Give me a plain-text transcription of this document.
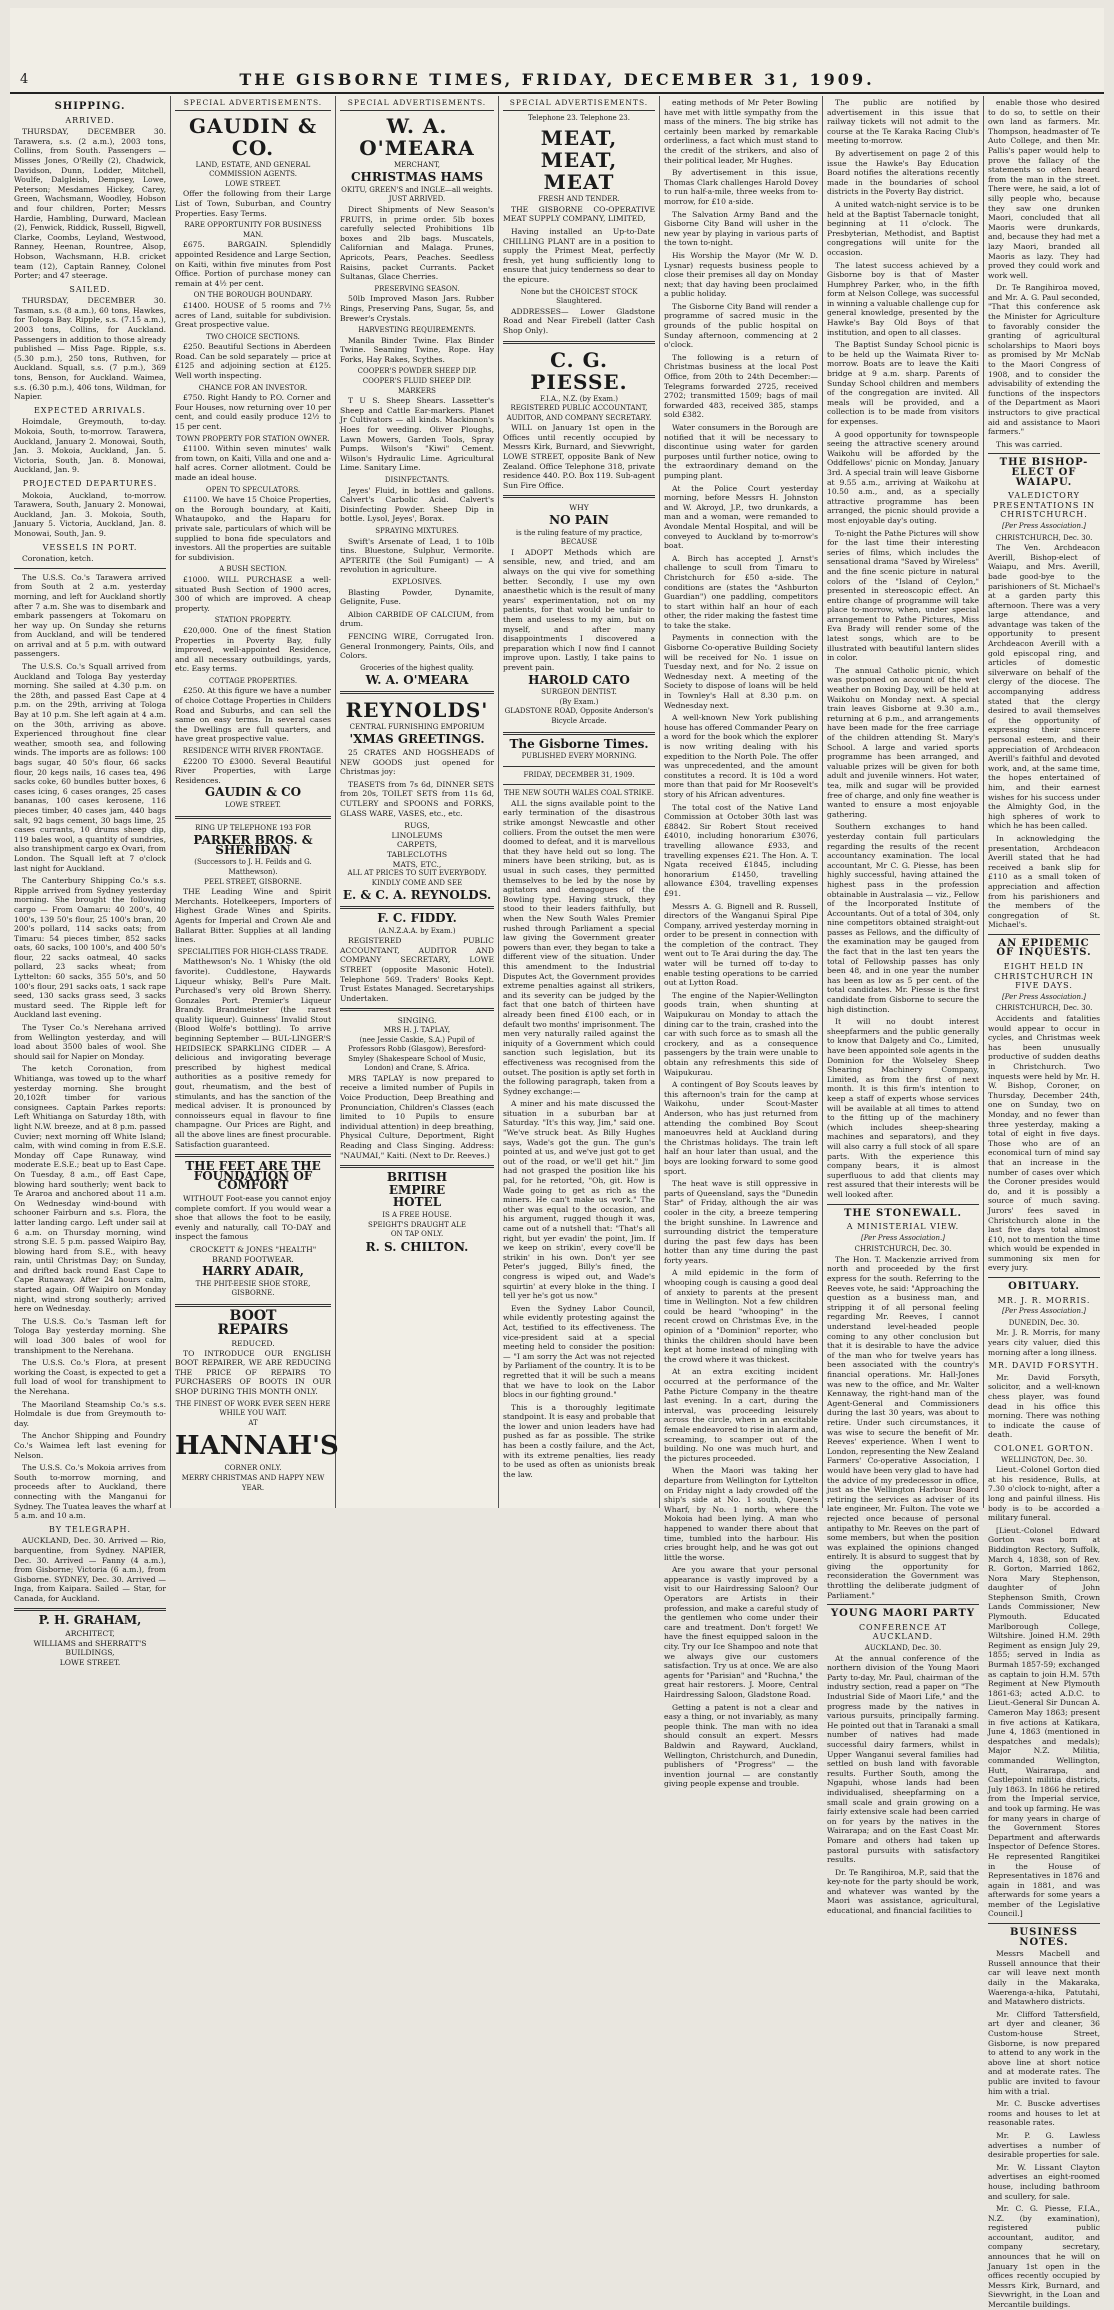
4	THE GISBORNE TIMES, FRIDAY, DECEMBER 31, 1909.
SHIPPING.
ARRIVED.

THURSDAY, DECEMBER 30. Tarawera, s.s. (2 a.m.), 2003 tons, Collins, from South. Passengers — Misses Jones, O'Reilly (2), Chadwick, Davidson, Dunn, Lodder, Mitchell, Woulfe, Dalgleish, Dempsey, Lowe, Peterson; Mesdames Hickey, Carey, Green, Wachsmann, Woodley, Hobson and four children, Porter; Messrs Hardie, Hambling, Durward, Maclean (2), Fenwick, Riddick, Russell, Bigwell, Clarke, Coombs, Leyland, Westwood, Ranney, Heenan, Rountree, Alsop, Hobson, Wachsmann, H.B. cricket team (12), Captain Ranney, Colonel Porter; and 47 steerage.

SAILED.

THURSDAY, DECEMBER 30. Tasman, s.s. (8 a.m.), 60 tons, Hawkes, for Tologa Bay. Ripple, s.s. (7.15 a.m.), 2003 tons, Collins, for Auckland. Passengers in addition to those already published — Miss Page. Ripple, s.s. (5.30 p.m.), 250 tons, Ruthven, for Auckland. Squall, s.s. (7 p.m.), 369 tons, Benson, for Auckland. Waimea, s.s. (6.30 p.m.), 406 tons, Wildman, for Napier.

EXPECTED ARRIVALS.

Hoimdale, Greymouth, to-day. Mokoia, South, to-morrow. Tarawera, Auckland, January 2. Monowai, South, Jan. 3. Mokoia, Auckland, Jan. 5. Victoria, South, Jan. 8. Monowai, Auckland, Jan. 9.

PROJECTED DEPARTURES.

Mokoia, Auckland, to-morrow. Tarawera, South, January 2. Monowai, Auckland, Jan. 3. Mokoia, South, January 5. Victoria, Auckland, Jan. 8. Monowai, South, Jan. 9.

VESSELS IN PORT.

Coronation, ketch.

The U.S.S. Co.'s Tarawera arrived from South at 2 a.m. yesterday morning, and left for Auckland shortly after 7 a.m. She was to disembark and embark passengers at Tokomaru on her way up. On Sunday she returns from Auckland, and will be tendered on arrival and at 5 p.m. with outward passengers.

The U.S.S. Co.'s Squall arrived from Auckland and Tologa Bay yesterday morning. She sailed at 4.30 p.m. on the 28th, and passed East Cape at 4 p.m. on the 29th, arriving at Tologa Bay at 10 p.m. She left again at 4 a.m. on the 30th, arriving as above. Experienced throughout fine clear weather, smooth sea, and following winds. The imports are as follows: 100 bags sugar, 40 50's flour, 66 sacks flour, 20 kegs nails, 16 cases tea, 496 sacks coke, 60 bundles butter boxes, 6 cases icing, 6 cases oranges, 25 cases bananas, 100 cases kerosene, 116 pieces timber, 40 cases jam, 440 bags salt, 92 bags cement, 30 bags lime, 25 cases currants, 10 drums sheep dip, 119 bales wool, a quantity of sundries, also transhipment cargo ex Ovari, from London. The Squall left at 7 o'clock last night for Auckland.

The Canterbury Shipping Co.'s s.s. Ripple arrived from Sydney yesterday morning. She brought the following cargo — From Oamaru: 40 200's, 40 100's, 139 50's flour, 25 100's bran, 20 200's pollard, 114 sacks oats; from Timaru: 54 pieces timber, 852 sacks oats, 60 sacks, 100 100's, and 400 50's flour, 22 sacks oatmeal, 40 sacks pollard, 23 sacks wheat; from Lyttelton: 60 sacks, 355 50's, and 50 100's flour, 291 sacks oats, 1 sack rape seed, 130 sacks grass seed, 3 sacks mustard seed. The Ripple left for Auckland last evening.

The Tyser Co.'s Nerehana arrived from Wellington yesterday, and will load about 3500 bales of wool. She should sail for Napier on Monday.

The ketch Coronation, from Whitianga, was towed up to the wharf yesterday morning. She brought 20,102ft timber for various consignees. Captain Parkes reports: Left Whitianga on Saturday 18th, with light N.W. breeze, and at 8 p.m. passed Cuvier; next morning off White Island; calm, with wind coming in from E.S.E. Monday off Cape Runaway, wind moderate E.S.E.; beat up to East Cape. On Tuesday, 8 a.m., off East Cape, blowing hard southerly; went back to Te Araroa and anchored about 11 a.m. On Wednesday wind-bound with schooner Fairburn and s.s. Flora, the latter landing cargo. Left under sail at 6 a.m. on Thursday morning, wind strong S.E. 5 p.m. passed Waipiro Bay, blowing hard from S.E., with heavy rain, until Christmas Day; on Sunday, and drifted back round East Cape to Cape Runaway. After 24 hours calm, started again. Off Waipiro on Monday night, wind strong southerly; arrived here on Wednesday.

The U.S.S. Co.'s Tasman left for Tologa Bay yesterday morning. She will load 300 bales of wool for transhipment to the Nerehana.

The U.S.S. Co.'s Flora, at present working the Coast, is expected to get a full load of wool for transhipment to the Nerehana.

The Maoriland Steamship Co.'s s.s. Holmdale is due from Greymouth to-day.

The Anchor Shipping and Foundry Co.'s Waimea left last evening for Nelson.

The U.S.S. Co.'s Mokoia arrives from South to-morrow morning, and proceeds after to Auckland, there connecting with the Manganui for Sydney. The Tuatea leaves the wharf at 5 a.m. and 10 a.m.

BY TELEGRAPH.

AUCKLAND, Dec. 30. Arrived — Rio, barquentine, from Sydney. NAPIER, Dec. 30. Arrived — Fanny (4 a.m.), from Gisborne; Victoria (6 a.m.), from Gisborne. SYDNEY, Dec. 30. Arrived — Inga, from Kaipara. Sailed — Star, for Canada, for Auckland.

P. H. GRAHAM,
ARCHITECT,
WILLIAMS and SHERRATT'S BUILDINGS,
LOWE STREET.
SPECIAL ADVERTISEMENTS.
GAUDIN & CO.
LAND, ESTATE, AND GENERAL COMMISSION AGENTS.
LOWE STREET.

Offer the following from their Large List of Town, Suburban, and Country Properties. Easy Terms.

RARE OPPORTUNITY FOR BUSINESS MAN.

£675. BARGAIN. Splendidly appointed Residence and Large Section, on Kaiti, within five minutes from Post Office. Portion of purchase money can remain at 4½ per cent.

ON THE BOROUGH BOUNDARY.

£1400. HOUSE of 5 rooms and 7½ acres of Land, suitable for subdivision. Great prospective value.

TWO CHOICE SECTIONS.

£250. Beautiful Sections in Aberdeen Road. Can be sold separately — price at £125 and adjoining section at £125. Well worth inspecting.

CHANCE FOR AN INVESTOR.

£750. Right Handy to P.O. Corner and Four Houses, now returning over 10 per cent, and could easily produce 12½ to 15 per cent.

TOWN PROPERTY FOR STATION OWNER.

£1100. Within seven minutes' walk from town, on Kaiti, Villa and one and a-half acres. Corner allotment. Could be made an ideal house.

OPEN TO SPECULATORS.

£1100. We have 15 Choice Properties, on the Borough boundary, at Kaiti, Whataupoko, and the Haparu for private sale, particulars of which will be supplied to bona fide speculators and investors. All the properties are suitable for subdivision.

A BUSH SECTION.

£1000. WILL PURCHASE a well-situated Bush Section of 1900 acres, 300 of which are improved. A cheap property.

STATION PROPERTY.

£20,000. One of the finest Station Properties in Poverty Bay, fully improved, well-appointed Residence, and all necessary outbuildings, yards, etc. Easy terms.

COTTAGE PROPERTIES.

£250. At this figure we have a number of choice Cottage Properties in Childers Road and Suburbs, and can sell the same on easy terms. In several cases the Dwellings are full quarters, and have great prospective value.

RESIDENCE WITH RIVER FRONTAGE.

£2200 TO £3000. Several Beautiful River Properties, with Large Residences.

GAUDIN & CO
LOWE STREET.
RING UP TELEPHONE 193 FOR
PARKER BROS. & SHERIDAN
(Successors to J. H. Feilds and G. Matthewson).
PEEL STREET, GISBORNE.

THE Leading Wine and Spirit Merchants. Hotelkeepers, Importers of Highest Grade Wines and Spirits. Agents for Imperial and Crown Ale and Ballarat Bitter. Supplies at all landing lines.

SPECIALITIES FOR HIGH-CLASS TRADE.

Matthewson's No. 1 Whisky (the old favorite). Cuddlestone, Haywards Liqueur whisky, Bell's Pure Malt. Purchased's very old Brown Sherry. Gonzales Port. Premier's Liqueur Brandy. Brandmeister (the rarest quality liqueur). Guinness' Invalid Stout (Blood Wolfe's bottling). To arrive beginning September — BUL-LINGER'S HEIDSIECK SPARKLING CIDER — A delicious and invigorating beverage prescribed by highest medical authorities as a positive remedy for gout, rheumatism, and the best of stimulants, and has the sanction of the medical adviser. It is pronounced by connoisseurs equal in flavour to fine champagne. Our Prices are Right, and all the above lines are finest procurable. Satisfaction guaranteed.

THE FEET ARE THE FOUNDATION OF COMFORT

WITHOUT Foot-ease you cannot enjoy complete comfort. If you would wear a shoe that allows the foot to be easily, evenly and naturally, call TO-DAY and inspect the famous

CROCKETT & JONES "HEALTH" BRAND FOOTWEAR.
HARRY ADAIR,
THE PHIT-EESIE SHOE STORE, GISBORNE.
BOOT
REPAIRS
REDUCED.

TO INTRODUCE OUR ENGLISH BOOT REPAIRER, WE ARE REDUCING THE PRICE OF REPAIRS TO PURCHASERS OF BOOTS IN OUR SHOP DURING THIS MONTH ONLY.

THE FINEST OF WORK EVER SEEN HERE WHILE YOU WAIT.
AT
HANNAH'S
CORNER ONLY.
MERRY CHRISTMAS AND HAPPY NEW YEAR.
SPECIAL ADVERTISEMENTS.
W. A. O'MEARA
MERCHANT,
CHRISTMAS HAMS
OKITU, GREEN'S and INGLE—all weights.
JUST ARRIVED.

Direct Shipments of New Season's FRUITS, in prime order. 5lb boxes carefully selected Prohibitions 1lb boxes and 2lb bags. Muscatels, Californian and Malaga. Prunes, Apricots, Pears, Peaches. Seedless Raisins, packet Currants. Packet Sultanas, Glace Cherries.

PRESERVING SEASON.

50lb Improved Mason Jars. Rubber Rings, Preserving Pans, Sugar, 5s, and Brewer's Crystals.

HARVESTING REQUIREMENTS.

Manila Binder Twine. Flax Binder Twine. Seaming Twine, Rope. Hay Forks, Hay Rakes, Scythes.

COOPER'S POWDER SHEEP DIP. COOPER'S FLUID SHEEP DIP.
MARKERS

T U S. Sheep Shears. Lassetter's Sheep and Cattle Ear-markers. Planet Jr Cultivators — all kinds. Mackinnon's Hoes for weeding. Oliver Ploughs, Lawn Mowers, Garden Tools, Spray Pumps. Wilson's "Kiwi" Cement. Wilson's Hydraulic Lime. Agricultural Lime. Sanitary Lime.

DISINFECTANTS.

Jeyes' Fluid, in bottles and gallons. Calvert's Carbolic Acid. Calvert's Disinfecting Powder. Sheep Dip in bottle. Lysol, Jeyes', Borax.

SPRAYING MIXTURES.

Swift's Arsenate of Lead, 1 to 10lb tins. Bluestone, Sulphur, Vermorite. APTERITE (the Soil Fumigant) — A revolution in agriculture.

EXPLOSIVES.

Blasting Powder, Dynamite, Gelignite, Fuse.

Albion CARBIDE OF CALCIUM, from drum.

FENCING WIRE, Corrugated Iron. General Ironmongery, Paints, Oils, and Colors.

Groceries of the highest quality.
W. A. O'MEARA
REYNOLDS'
CENTRAL FURNISHING EMPORIUM
'XMAS GREETINGS.

25 CRATES AND HOGSHEADS of NEW GOODS just opened for Christmas joy:

TEASETS from 7s 6d, DINNER SETS from 20s, TOILET SETS from 11s 6d, CUTLERY and SPOONS and FORKS, GLASS WARE, VASES, etc., etc.

RUGS,
LINOLEUMS
CARPETS,
TABLECLOTHS
MATS, ETC.,
ALL AT PRICES TO SUIT EVERYBODY.
KINDLY COME AND SEE
E. & C. A. REYNOLDS.
F. C. FIDDY.
(A.N.Z.A.A. by Exam.)

REGISTERED PUBLIC ACCOUNTANT, AUDITOR AND COMPANY SECRETARY, LOWE STREET (opposite Masonic Hotel). Telephone 569. Traders' Books Kept. Trust Estates Managed. Secretaryships Undertaken.

SINGING.
MRS H. J. TAPLAY,
(nee Jessie Caskie, S.A.) Pupil of Professors Robb (Glasgow), Beresford-Smyley (Shakespeare School of Music, London) and Crane, S. Africa.

MRS TAPLAY is now prepared to receive a limited number of Pupils in Voice Production, Deep Breathing and Pronunciation, Children's Classes (each limited to 10 Pupils to ensure individual attention) in deep breathing, Physical Culture, Deportment, Right Reading and Class Singing. Address: "NAUMAI," Kaiti. (Next to Dr. Reeves.)

BRITISH
EMPIRE
HOTEL
IS A FREE HOUSE.
SPEIGHT'S DRAUGHT ALE
ON TAP ONLY.
R. S. CHILTON.
SPECIAL ADVERTISEMENTS.
Telephone 23. Telephone 23.
MEAT, MEAT, MEAT
FRESH AND TENDER.

THE GISBORNE CO-OPERATIVE MEAT SUPPLY COMPANY, LIMITED,

Having installed an Up-to-Date CHILLING PLANT are in a position to supply the Primest Meat, perfectly fresh, yet hung sufficiently long to ensure that juicy tenderness so dear to the epicure.

None but the CHOICEST STOCK Slaughtered.

ADDRESSES— Lower Gladstone Road and Near Firebell (latter Cash Shop Only).

C. G. PIESSE.
F.I.A., N.Z. (by Exam.)
REGISTERED PUBLIC ACCOUNTANT, AUDITOR, AND COMPANY SECRETARY.

WILL on January 1st open in the Offices until recently occupied by Messrs Kirk, Burnard, and Sievwright, LOWE STREET, opposite Bank of New Zealand. Office Telephone 318, private residence 440. P.O. Box 119. Sub-agent Sun Fire Office.

WHY
NO PAIN
is the ruling feature of my practice, BECAUSE

I ADOPT Methods which are sensible, new, and tried, and am always on the qui vive for something better. Secondly, I use my own anaesthetic which is the result of many years' experimentation, not on my patients, for that would be unfair to them and useless to my aim, but on myself, and after many disappointments I discovered a preparation which I now find I cannot improve upon. Lastly, I take pains to prevent pain.

HAROLD CATO
SURGEON DENTIST.
(By Exam.)
GLADSTONE ROAD, Opposite Anderson's Bicycle Arcade.
The Gisborne Times.
PUBLISHED EVERY MORNING.
FRIDAY, DECEMBER 31, 1909.
THE NEW SOUTH WALES COAL STRIKE.

ALL the signs available point to the early termination of the disastrous strike amongst Newcastle and other colliers. From the outset the men were doomed to defeat, and it is marvellous that they have held out so long. The miners have been striking, but, as is usual in such cases, they permitted themselves to be led by the nose by agitators and demagogues of the Bowling type. Having struck, they stood to their leaders faithfully, but when the New South Wales Premier rushed through Parliament a special law giving the Government greater powers than ever, they began to take a different view of the situation. Under this amendment to the Industrial Disputes Act, the Government provides extreme penalties against all strikers, and its severity can be judged by the fact that one batch of thirteen have already been fined £100 each, or in default two months' imprisonment. The men very naturally railed against the iniquity of a Government which could sanction such legislation, but its effectiveness was recognised from the outset. The position is aptly set forth in the following paragraph, taken from a Sydney exchange:—

A miner and his mate discussed the situation in a suburban bar at Saturday. "It's this way, Jim," said one. "We've struck beat. As Billy Hughes says, Wade's got the gun. The gun's pointed at us, and we've just got to get out of the road, or we'll get hit." Jim had not grasped the position like his pal, for he retorted, "Oh, git. How is Wade going to get as rich as the miners. He can't make us work." The other was equal to the occasion, and his argument, rugged though it was, came out of a nutshell that: "That's all right, but yer evadin' the point, Jim. If we keep on strikin', every cove'll be strikin' in his own. Don't yer see Peter's jugged, Billy's fined, the congress is wiped out, and Wade's squirtin' at every bloke in the thing. I tell yer he's got us now."

Even the Sydney Labor Council, while evidently protesting against the Act, testified to its effectiveness. The vice-president said at a special meeting held to consider the position:— "I am sorry the Act was not rejected by Parliament of the country. It is to be regretted that it will be such a means that we have to look on the Labor blocs in our fighting ground."

This is a thoroughly legitimate standpoint. It is easy and probable that the lower and union leaders have had pushed as far as possible. The strike has been a costly failure, and the Act, with its extreme penalties, lies ready to be used as often as unionists break the law.

eating methods of Mr Peter Bowling have met with little sympathy from the mass of the miners. The big strike has certainly been marked by remarkable orderliness, a fact which must stand to the credit of the strikers, and also of their political leader, Mr Hughes.

By advertisement in this issue, Thomas Clark challenges Harold Dovey to run half-a-mile, three weeks from to-morrow, for £10 a-side.

The Salvation Army Band and the Gisborne City Band will usher in the new year by playing in various parts of the town to-night.

His Worship the Mayor (Mr W. D. Lysnar) requests business people to close their premises all day on Monday next; that day having been proclaimed a public holiday.

The Gisborne City Band will render a programme of sacred music in the grounds of the public hospital on Sunday afternoon, commencing at 2 o'clock.

The following is a return of Christmas business at the local Post Office, from 20th to 24th December:— Telegrams forwarded 2725, received 2702; transmitted 1509; bags of mail forwarded 483, received 385, stamps sold £382.

Water consumers in the Borough are notified that it will be necessary to discontinue using water for garden purposes until further notice, owing to the extraordinary demand on the pumping plant.

At the Police Court yesterday morning, before Messrs H. Johnston and W. Akroyd, J.P., two drunkards, a man and a woman, were remanded to Avondale Mental Hospital, and will be conveyed to Auckland by to-morrow's boat.

A. Birch has accepted J. Arnst's challenge to scull from Timaru to Christchurch for £50 a-side. The conditions are (states the "Ashburton Guardian") one paddling, competitors to start within half an hour of each other, the rider making the fastest time to take the stake.

Payments in connection with the Gisborne Co-operative Building Society will be received for No. 1 issue on Tuesday next, and for No. 2 issue on Wednesday next. A meeting of the Society to dispose of loans will be held in Townley's Hall at 8.30 p.m. on Wednesday next.

A well-known New York publishing house has offered Commander Peary on a word for the book which the explorer is now writing dealing with his expedition to the North Pole. The offer was unprecedented, and the amount constitutes a record. It is 10d a word more than that paid for Mr Roosevelt's story of his African adventures.

The total cost of the Native Land Commission at October 30th last was £8842. Sir Robert Stout received £4010, including honorarium £3076, travelling allowance £933, and travelling expenses £21. The Hon. A. T. Ngata received £1845, including honorarium £1450, travelling allowance £304, travelling expenses £91.

Messrs A. G. Bignell and R. Russell, directors of the Wanganui Spiral Pipe Company, arrived yesterday morning in order to be present in connection with the completion of the contract. They went out to Te Arai during the day. The water will be turned off to-day to enable testing operations to be carried out at Lytton Road.

The engine of the Napier-Wellington goods train, when shunting at Waipukurau on Monday to attach the dining car to the train, crashed into the car with such force as to smash all the crockery, and as a consequence passengers by the train were unable to obtain any refreshments this side of Waipukurau.

A contingent of Boy Scouts leaves by this afternoon's train for the camp at Waikohu, under Scout-Master Anderson, who has just returned from attending the combined Boy Scout manoeuvres held at Auckland during the Christmas holidays. The train left half an hour later than usual, and the boys are looking forward to some good sport.

The heat wave is still oppressive in parts of Queensland, says the "Dunedin Star" of Friday, although the air was cooler in the city, a breeze tempering the bright sunshine. In Lawrence and surrounding district the temperature during the past few days has been hotter than any time during the past forty years.

A mild epidemic in the form of whooping cough is causing a good deal of anxiety to parents at the present time in Wellington. Not a few children could be heard "whooping" in the recent crowd on Christmas Eve, in the opinion of a "Dominion" reporter, who thinks the children should have been kept at home instead of mingling with the crowd where it was thickest.

At an extra exciting incident occurred at the performance of the Pathe Picture Company in the theatre last evening. In a cart, during the interval, was proceeding leisurely across the circle, when in an excitable female endeavored to rise in alarm and, screaming, to scamper out of the building. No one was much hurt, and the pictures proceeded.

When the Maori was taking her departure from Wellington for Lyttelton on Friday night a lady crowded off the ship's side at No. 1 south, Queen's Wharf, by No. 1 north, where the Mokoia had been lying. A man who happened to wander there about that time, tumbled into the harbour. His cries brought help, and he was got out little the worse.

Are you aware that your personal appearance is vastly improved by a visit to our Hairdressing Saloon? Our Operators are Artists in their profession, and make a careful study of the gentlemen who come under their care and treatment. Don't forget! We have the finest equipped saloon in the city. Try our Ice Shampoo and note that we always give our customers satisfaction. Try us at once. We are also agents for "Parisian" and "Ruchna," the great hair restorers. J. Moore, Central Hairdressing Saloon, Gladstone Road.

Getting a patent is not a clear and easy a thing, or not invariably, as many people think. The man with no idea should consult an expert. Messrs Baldwin and Rayward, Auckland, Wellington, Christchurch, and Dunedin, publishers of "Progress" — the invention journal — are constantly giving people expense and trouble.

The public are notified by advertisement in this issue that railway tickets will not admit to the course at the Te Karaka Racing Club's meeting to-morrow.

By advertisement on page 2 of this issue the Hawke's Bay Education Board notifies the alterations recently made in the boundaries of school districts in the Poverty Bay district.

A united watch-night service is to be held at the Baptist Tabernacle tonight, beginning at 11 o'clock. The Presbyterian, Methodist, and Baptist congregations will unite for the occasion.

The latest success achieved by a Gisborne boy is that of Master Humphrey Parker, who, in the fifth form at Nelson College, was successful in winning a valuable challenge cup for general knowledge, presented by the Hawke's Bay Old Boys of that institution, and open to all classes.

The Baptist Sunday School picnic is to be held up the Waimata River to-morrow. Boats are to leave the Kaiti bridge at 9 a.m. sharp. Parents of Sunday School children and members of the congregation are invited. All meals will be provided, and a collection is to be made from visitors for expenses.

A good opportunity for townspeople seeing the attractive scenery around Waikohu will be afforded by the Oddfellows' picnic on Monday, January 3rd. A special train will leave Gisborne at 9.55 a.m., arriving at Waikohu at 10.50 a.m., and, as a specially attractive programme has been arranged, the picnic should provide a most enjoyable day's outing.

To-night the Pathe Pictures will show for the last time their interesting series of films, which includes the sensational drama "Saved by Wireless" and the fine scenic picture in natural colors of the "Island of Ceylon," presented in stereoscopic effect. An entire change of programme will take place to-morrow, when, under special arrangement to Pathe Pictures, Miss Eva Brady will render some of the latest songs, which are to be illustrated with beautiful lantern slides in color.

The annual Catholic picnic, which was postponed on account of the wet weather on Boxing Day, will be held at Waikohu on Monday next. A special train leaves Gisborne at 9.30 a.m., returning at 6 p.m., and arrangements have been made for the free carriage of the children attending St. Mary's School. A large and varied sports programme has been arranged, and valuable prizes will be given for both adult and juvenile winners. Hot water, tea, milk and sugar will be provided free of charge, and only fine weather is wanted to ensure a most enjoyable gathering.

Southern exchanges to hand yesterday contain full particulars regarding the results of the recent accountancy examination. The local accountant, Mr C. G. Piesse, has been highly successful, having attained the highest pass in the profession obtainable in Australasia — viz., Fellow of the Incorporated Institute of Accountants. Out of a total of 304, only nine competitors obtained straight-out passes as Fellows, and the difficulty of the examination may be gauged from the fact that in the last ten years the total of Fellowship passes has only been 48, and in one year the number has been as low as 5 per cent. of the total candidates. Mr. Piesse is the first candidate from Gisborne to secure the high distinction.

It will no doubt interest sheepfarmers and the public generally to know that Dalgety and Co., Limited, have been appointed sole agents in the Dominion for the Wolseley Sheep Shearing Machinery Company, Limited, as from the first of next month. It is this firm's intention to keep a staff of experts whose services will be available at all times to attend to the fitting up of the machinery (which includes sheep-shearing machines and separators), and they will also carry a full stock of all spare parts. With the experience this company bears, it is almost superfluous to add that clients may rest assured that their interests will be well looked after.

THE STONEWALL.
A MINISTERIAL VIEW.
[Per Press Association.]
CHRISTCHURCH, Dec. 30.

The Hon. T. Mackenzie arrived from north and proceeded by the first express for the south. Referring to the Reeves vote, he said: "Approaching the question as a business man, and stripping it of all personal feeling regarding Mr. Reeves, I cannot understand level-headed people coming to any other conclusion but that it is desirable to have the advice of the man who for twelve years has been associated with the country's financial operations. Mr. Hall-Jones was new to the office, and Mr. Walter Kennaway, the right-hand man of the Agent-General and Commissioners during the last 30 years, was about to retire. Under such circumstances, it was wise to secure the benefit of Mr. Reeves' experience. When I went to London, representing the New Zealand Farmers' Co-operative Association, I would have been very glad to have had the advice of my predecessor in office, just as the Wellington Harbour Board retiring the services as adviser of its late engineer, Mr. Fulton. The vote we rejected once because of personal antipathy to Mr. Reeves on the part of some members, but when the position was explained the opinions changed entirely. It is absurd to suggest that by giving the opportunity for reconsideration the Government was throttling the deliberate judgment of Parliament."

YOUNG MAORI PARTY
CONFERENCE AT AUCKLAND.
AUCKLAND, Dec. 30.

At the annual conference of the northern division of the Young Maori Party to-day, Mr. Paul, chairman of the industry section, read a paper on "The Industrial Side of Maori Life," and the progress made by the natives in various pursuits, principally farming. He pointed out that in Taranaki a small number of natives had made successful dairy farmers, whilst in Upper Wanganui several families had settled on bush land with favorable results. Further South, among the Ngapuhi, whose lands had been individualised, sheepfarming on a small scale and grain growing on a fairly extensive scale had been carried on for years by the natives in the Wairarapa; and on the East Coast Mr. Pomare and others had taken up pastoral pursuits with satisfactory results.

Dr. Te Rangihiroa, M.P., said that the key-note for the party should be work, and whatever was wanted by the Maori was assistance, agricultural, educational, and financial facilities to

enable those who desired to do so, to settle on their own land as farmers. Mr. Thompson, headmaster of Te Auto College, and then Mr. Pallis's paper would help to prove the fallacy of the statements so often heard from the man in the street. There were, he said, a lot of silly people who, because they saw one drunken Maori, concluded that all Maoris were drunkards, and, because they had met a lazy Maori, branded all Maoris as lazy. They had proved they could work and work well.

Dr. Te Rangihiroa moved, and Mr. A. G. Paul seconded, "That this conference ask the Minister for Agriculture to favorably consider the granting of agricultural scholarships to Maori boys as promised by Mr McNab to the Maori Congress of 1908, and to consider the advisability of extending the functions of the inspectors of the Department as Maori instructors to give practical aid and assistance to Maori farmers."

This was carried.

THE BISHOP-ELECT OF WAIAPU.
VALEDICTORY PRESENTATIONS IN CHRISTCHURCH.
[Per Press Association.]
CHRISTCHURCH, Dec. 30.

The Ven. Archdeacon Averill, Bishop-elect of Waiapu, and Mrs. Averill, bade good-bye to the parishioners of St. Michael's at a garden party this afternoon. There was a very large attendance, and advantage was taken of the opportunity to present Archdeacon Averill with a gold episcopal ring, and articles of domestic silverware on behalf of the clergy of the diocese. The accompanying address stated that the clergy desired to avail themselves of the opportunity of expressing their sincere personal esteem, and their appreciation of Archdeacon Averill's faithful and devoted work, and, at the same time, the hopes entertained of him, and their earnest wishes for his success under the Almighty God, in the high spheres of work to which he has been called.

In acknowledging the presentation, Archdeacon Averill stated that he had received a bank slip for £110 as a small token of appreciation and affection from his parishioners and the members of the congregation of St. Michael's.

AN EPIDEMIC OF INQUESTS.
EIGHT HELD IN CHRISTCHURCH IN FIVE DAYS.
[Per Press Association.]
CHRISTCHURCH, Dec. 30.

Accidents and fatalities would appear to occur in cycles, and Christmas week has been unusually productive of sudden deaths in Christchurch. Two inquests were held by Mr. H. W. Bishop, Coroner, on Thursday, December 24th, one on Sunday, two on Monday, and no fewer than three yesterday, making a total of eight in five days. Those who are of an economical turn of mind say that an increase in the number of cases over which the Coroner presides would do, and it is possibly a source of much saving. Jurors' fees saved in Christchurch alone in the last five days total almost £10, not to mention the time which would be expended in summoning six men for every jury.

OBITUARY.
MR. J. R. MORRIS.
[Per Press Association.]
DUNEDIN, Dec. 30.

Mr. J. R. Morris, for many years city valuer, died this morning after a long illness.

MR. DAVID FORSYTH.

Mr. David Forsyth, solicitor, and a well-known chess player, was found dead in his office this morning. There was nothing to indicate the cause of death.

COLONEL GORTON.
WELLINGTON, Dec. 30.

Lieut.-Colonel Gorton died at his residence, Bulls, at 7.30 o'clock to-night, after a long and painful illness. His body is to be accorded a military funeral.

[Lieut.-Colonel Edward Gorton was born at Biddington Rectory, Suffolk, March 4, 1838, son of Rev. R. Gorton, Married 1862, Nora Mary Stephenson, daughter of John Stephenson Smith, Crown Lands Commissioner, New Plymouth. Educated Marlborough College, Wiltshire. Joined H.M. 29th Regiment as ensign July 29, 1855; served in India as Burmah 1857-59; exchanged as captain to join H.M. 57th Regiment at New Plymouth 1861-63; acted A.D.C. to Lieut.-General Sir Duncan A. Cameron May 1863; present in five actions at Katikara, June 4, 1863 (mentioned in despatches and medals); Major N.Z. Militia, commanded Wellington, Hutt, Wairarapa, and Castlepoint militia districts, July 1863. In 1866 he retired from the Imperial service, and took up farming. He was for many years in charge of the Government Stores Department and afterwards Inspector of Defence Stores. He represented Rangitikei in the House of Representatives in 1876 and again in 1881, and was afterwards for some years a member of the Legislative Council.]

BUSINESS NOTES.

Messrs Macbell and Russell announce that their car will leave next month daily in the Makaraka, Waerenga-a-hika, Patutahi, and Matawhero districts.

Mr. Clifford Tattersfield, art dyer and cleaner, 36 Custom-house Street, Gisborne, is now prepared to attend to any work in the above line at short notice and at moderate rates. The public are invited to favour him with a trial.

Mr. C. Buscke advertises rooms and houses to let at reasonable rates.

Mr. P. G. Lawless advertises a number of desirable properties for sale.

Mr. W. Lissant Clayton advertises an eight-roomed house, including bathroom and scullery, for sale.

Mr. C. G. Piesse, F.I.A., N.Z. (by examination), registered public accountant, auditor, and company secretary, announces that he will on January 1st open in the offices recently occupied by Messrs Kirk, Burnard, and Sievwright, in the Loan and Mercantile buildings.
